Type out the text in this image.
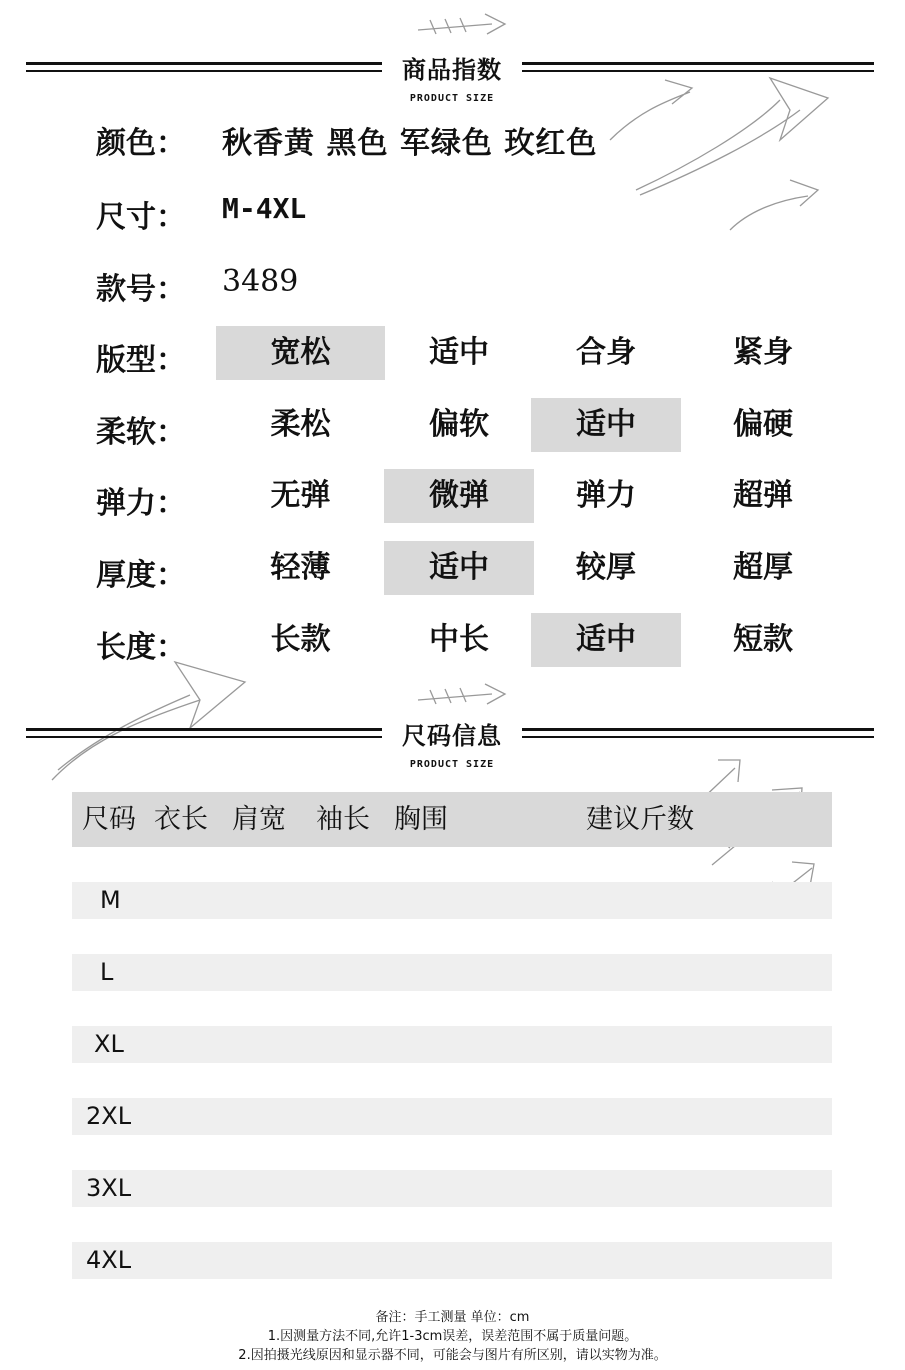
商品指数
PRODUCT SIZE
颜色： 秋香黄 黑色 军绿色 玫红色
尺寸： M-4XL
款号： 3489
版型：	宽松	适中	合身	紧身
柔软：	柔松	偏软	适中	偏硬
弹力：	无弹	微弹	弹力	超弹
厚度：	轻薄	适中	较厚	超厚
长度：	长款	中长	适中	短款
尺码信息
PRODUCT SIZE
尺码 衣长 肩宽 袖长 胸围	建议斤数
M
L
XL
2XL
3XL
4XL
备注：手工测量 单位：cm
1.因测量方法不同,允许1-3cm误差，误差范围不属于质量问题。
2.因拍摄光线原因和显示器不同，可能会与图片有所区别，请以实物为准。
